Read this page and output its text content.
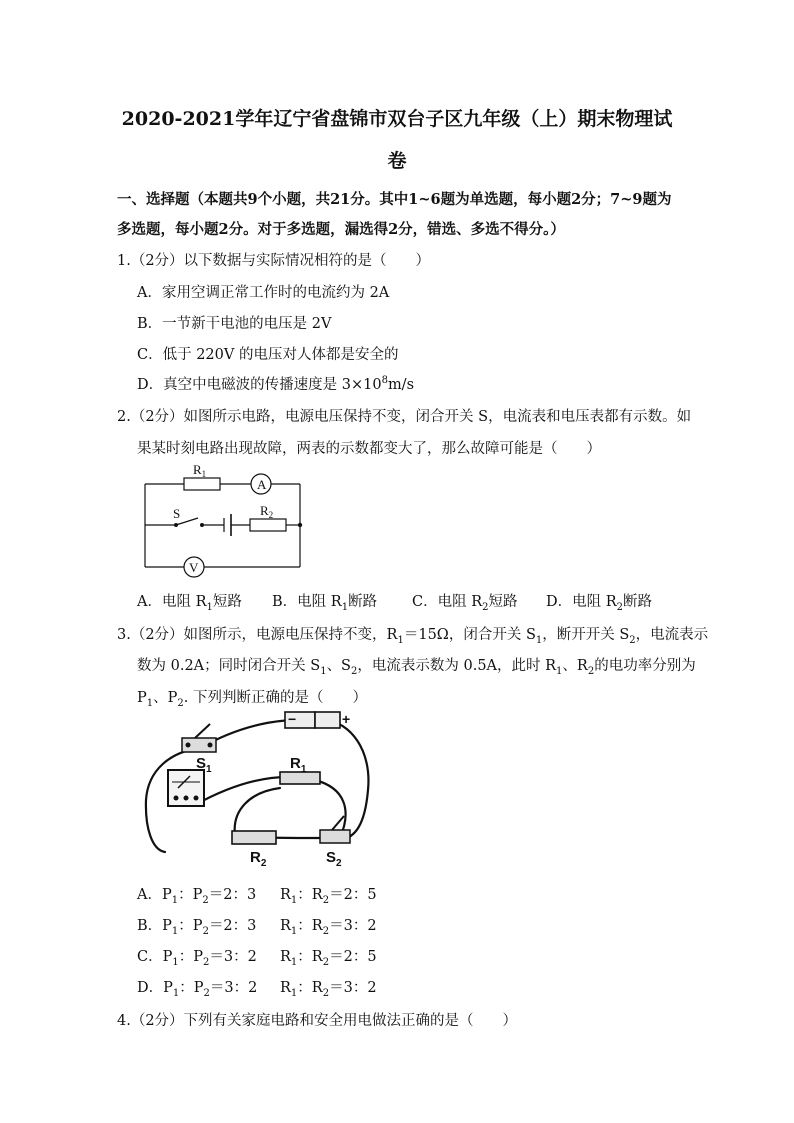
2020-2021学年辽宁省盘锦市双台子区九年级（上）期末物理试
卷
一、选择题（本题共9个小题，共21分。其中1~6题为单选题，每小题2分；7~9题为
多选题，每小题2分。对于多选题，漏选得2分，错选、多选不得分。）
1.（2分）以下数据与实际情况相符的是（　　）
A．家用空调正常工作时的电流约为 2A
B．一节新干电池的电压是 2V
C．低于 220V 的电压对人体都是安全的
D．真空中电磁波的传播速度是 $3\times 10^8m/s$
2.（2分）如图所示电路，电源电压保持不变，闭合开关 S，电流表和电压表都有示数。如
果某时刻电路出现故障，两表的示数都变大了，那么故障可能是（　　）
$R_1$
A
S	$R_2$
V
A．电阻 $R_1$短路 B．电阻 $R_1$断路 C．电阻 $R_2$短路 D．电阻 $R_2$断路
3.（2分）如图所示，电源电压保持不变，$R_1=15\Omega$，闭合开关 $S_1$，断开开关 $S_2$，电流表示
数为 0.2A；同时闭合开关 $S_1$、$S_2$，电流表示数为 0.5A，此时 $R_1$、$R_2$的电功率分别为
$P_1$、$P_2$. 下列判断正确的是（　　）
−	+
$S_1$	$R_1$
$R_2$	$S_2$
A．$P_1$：$P_2=2$：3 $R_1$：$R_2=2$：5
B．$P_1$：$P_2=2$：3 $R_1$：$R_2=3$：2
C．$P_1$：$P_2=3$：2 $R_1$：$R_2=2$：5
D．$P_1$：$P_2=3$：2 $R_1$：$R_2=3$：2
4.（2分）下列有关家庭电路和安全用电做法正确的是（　　）
